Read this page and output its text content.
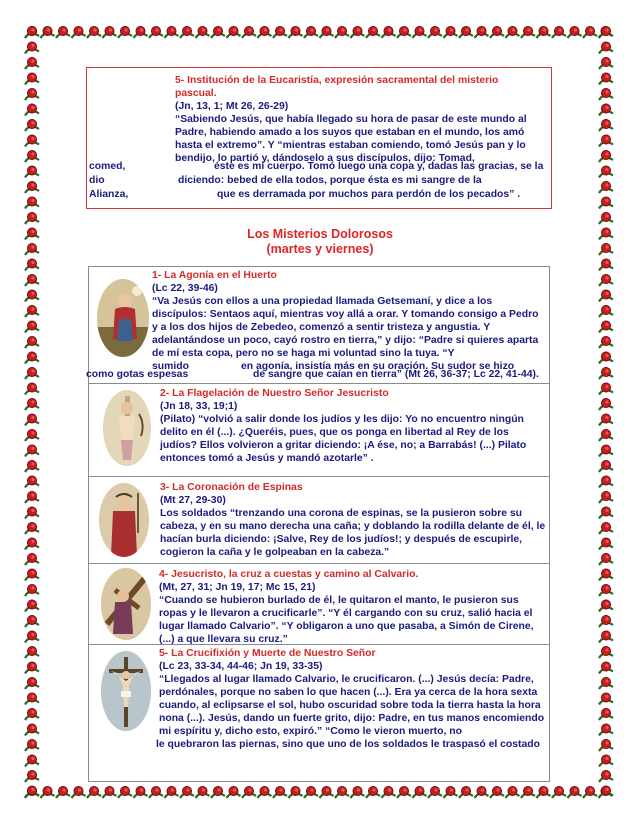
5- Institución de la Eucaristía, expresión sacramental del misterio pascual.
(Jn, 13, 1; Mt 26, 26-29)
“Sabiendo Jesús, que había llegado su hora de pasar de este mundo al
Padre, habiendo amado a los suyos que estaban en el mundo, los amó
hasta el extremo”. Y “mientras estaban comiendo, tomó Jesús pan y lo
bendijo, lo partió y, dándoselo a sus discípulos, dijo: Tomad,
comed,	éste es mi cuerpo. Tomó luego una copa y, dadas las gracias, se la
dio	diciendo: bebed de ella todos, porque ésta es mi sangre de la
Alianza,	que es derramada por muchos para perdón de los pecados” .
Los Misterios Dolorosos
(martes y viernes)
1- La Agonía en el Huerto
(Lc 22, 39-46)
“Va Jesús con ellos a una propiedad llamada Getsemaní, y dice a los
discípulos: Sentaos aquí, mientras voy allá a orar. Y tomando consigo a Pedro
y a los dos hijos de Zebedeo, comenzó a sentir tristeza y angustia. Y
adelantándose un poco, cayó rostro en tierra,” y dijo: “Padre si quieres aparta
de mí esta copa, pero no se haga mi voluntad sino la tuya. “Y
sumido	en agonía, insistía más en su oración. Su sudor se hizo
como gotas espesas	de sangre que caían en tierra” (Mt 26, 36-37; Lc 22, 41-44).
2- La Flagelación de Nuestro Señor Jesucristo
(Jn 18, 33, 19;1)
(Pilato) “volvió a salir donde los judíos y les dijo: Yo no encuentro ningún
delito en él (...). ¿Queréis, pues, que os ponga en libertad al Rey de los
judíos? Ellos volvieron a gritar diciendo: ¡A ése, no; a Barrabás! (...) Pilato
entonces tomó a Jesús y mandó azotarle” .
3- La Coronación de Espinas
(Mt 27, 29-30)
Los soldados “trenzando una corona de espinas, se la pusieron sobre su
cabeza, y en su mano derecha una caña; y doblando la rodilla delante de él, le
hacían burla diciendo: ¡Salve, Rey de los judíos!; y después de escupirle,
cogieron la caña y le golpeaban en la cabeza.”
4- Jesucristo, la cruz a cuestas y camino al Calvario.
(Mt, 27, 31; Jn 19, 17; Mc 15, 21)
“Cuando se hubieron burlado de él, le quitaron el manto, le pusieron sus
ropas y le llevaron a crucificarle”. “Y él cargando con su cruz, salió hacia el
lugar llamado Calvario”. “Y obligaron a uno que pasaba, a Simón de Cirene,
(...) a que llevara su cruz.”
5- La Crucifixión y Muerte de Nuestro Señor
(Lc 23, 33-34, 44-46; Jn 19, 33-35)
“Llegados al lugar llamado Calvario, le crucificaron. (...) Jesús decía: Padre,
perdónales, porque no saben lo que hacen (...). Era ya cerca de la hora sexta
cuando, al eclipsarse el sol, hubo oscuridad sobre toda la tierra hasta la hora
nona (...). Jesús, dando un fuerte grito, dijo: Padre, en tus manos encomiendo
mi espíritu y, dicho esto, expiró.” “Como le vieron muerto, no
le quebraron las piernas, sino que uno de los soldados le traspasó el costado
